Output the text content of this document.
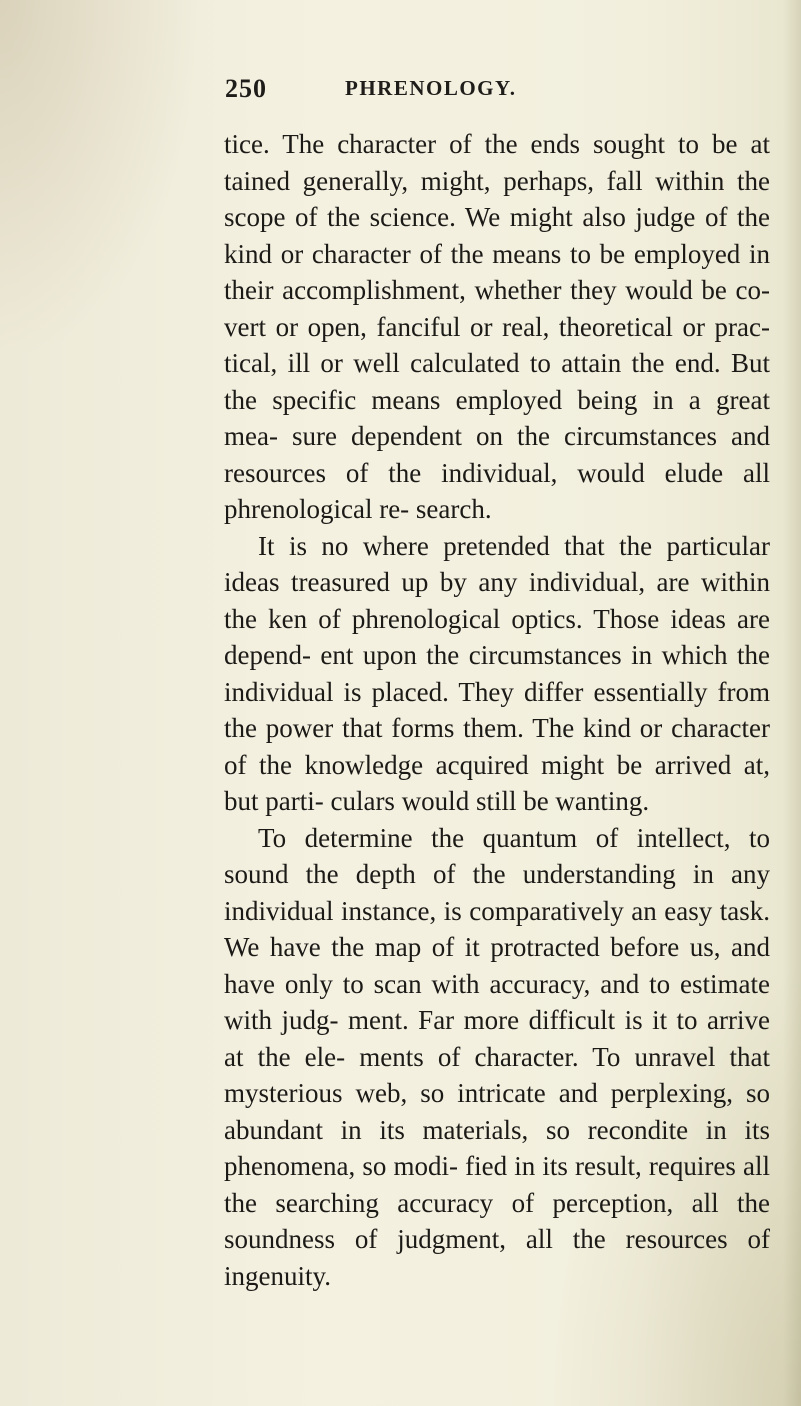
250	PHRENOLOGY.

tice. The character of the ends sought to be at tained generally, might, perhaps, fall within the scope of the science. We might also judge of the kind or character of the means to be employed in their accomplishment, whether they would be co- vert or open, fanciful or real, theoretical or prac- tical, ill or well calculated to attain the end. But the specific means employed being in a great mea- sure dependent on the circumstances and resources of the individual, would elude all phrenological re- search.

It is no where pretended that the particular ideas treasured up by any individual, are within the ken of phrenological optics. Those ideas are depend- ent upon the circumstances in which the individual is placed. They differ essentially from the power that forms them. The kind or character of the knowledge acquired might be arrived at, but parti- culars would still be wanting.

To determine the quantum of intellect, to sound the depth of the understanding in any individual instance, is comparatively an easy task. We have the map of it protracted before us, and have only to scan with accuracy, and to estimate with judg- ment. Far more difficult is it to arrive at the ele- ments of character. To unravel that mysterious web, so intricate and perplexing, so abundant in its materials, so recondite in its phenomena, so modi- fied in its result, requires all the searching accuracy of perception, all the soundness of judgment, all the resources of ingenuity.
